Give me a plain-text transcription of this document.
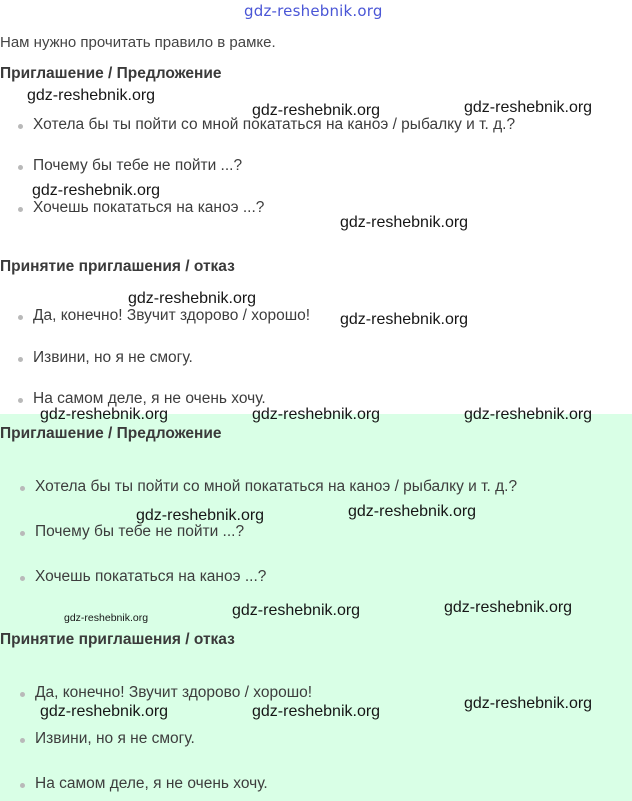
gdz-reshebnik.org
Нам нужно прочитать правило в рамке.
Приглашение / Предложение
Хотела бы ты пойти со мной покататься на каноэ / рыбалку и т. д.?
Почему бы тебе не пойти ...?
Хочешь покататься на каноэ ...?
Принятие приглашения / отказ
Да, конечно! Звучит здорово / хорошо!
Извини, но я не смогу.
На самом деле, я не очень хочу.
Приглашение / Предложение
Хотела бы ты пойти со мной покататься на каноэ / рыбалку и т. д.?
Почему бы тебе не пойти ...?
Хочешь покататься на каноэ ...?
Принятие приглашения / отказ
Да, конечно! Звучит здорово / хорошо!
Извини, но я не смогу.
На самом деле, я не очень хочу.
gdz-reshebnik.org
gdz-reshebnik.org	gdz-reshebnik.org
gdz-reshebnik.org
gdz-reshebnik.org
gdz-reshebnik.org
gdz-reshebnik.org
gdz-reshebnik.org	gdz-reshebnik.org	gdz-reshebnik.org
gdz-reshebnik.org	gdz-reshebnik.org
gdz-reshebnik.org	gdz-reshebnik.org	gdz-reshebnik.org
gdz-reshebnik.org	gdz-reshebnik.org	gdz-reshebnik.org
